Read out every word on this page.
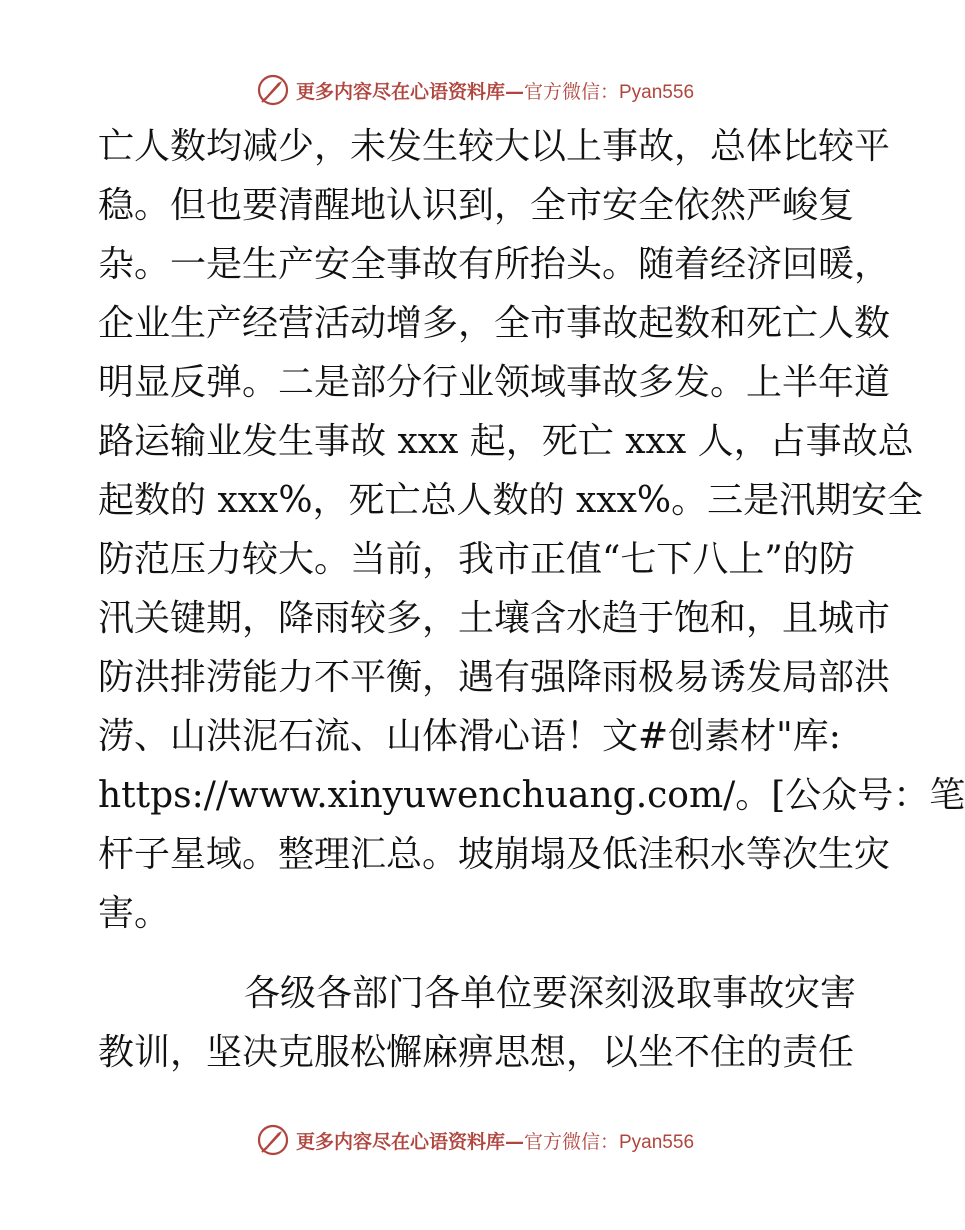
更多内容尽在心语资料库—官方微信：Pyan556
亡人数均减少，未发生较大以上事故，总体比较平
稳。但也要清醒地认识到，全市安全依然严峻复
杂。一是生产安全事故有所抬头。随着经济回暖，
企业生产经营活动增多，全市事故起数和死亡人数
明显反弹。二是部分行业领域事故多发。上半年道
路运输业发生事故 xxx 起，死亡 xxx 人，占事故总
起数的 xxx%，死亡总人数的 xxx%。三是汛期安全
防范压力较大。当前，我市正值“七下八上”的防
汛关键期，降雨较多，土壤含水趋于饱和，且城市
防洪排涝能力不平衡，遇有强降雨极易诱发局部洪
涝、山洪泥石流、山体滑心语！文#创素材"库:
https://www.xinyuwenchuang.com/。[公众号：笔
杆子星域。整理汇总。坡崩塌及低洼积水等次生灾
害。
各级各部门各单位要深刻汲取事故灾害
教训，坚决克服松懈麻痹思想，以坐不住的责任
更多内容尽在心语资料库—官方微信：Pyan556
